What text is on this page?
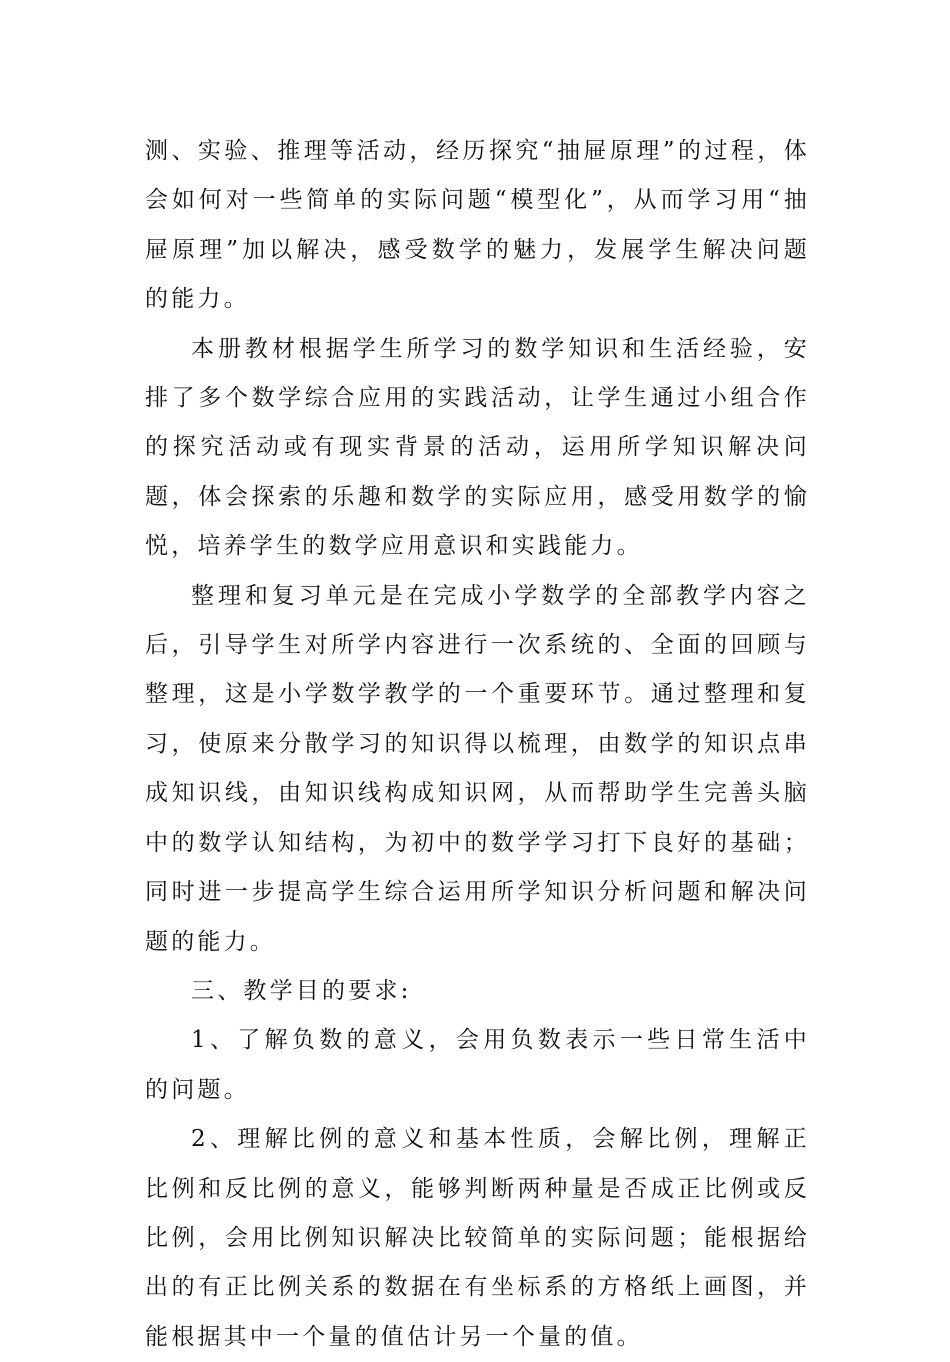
测、实验、推理等活动，经历探究“抽屉原理”的过程，体会如何对一些简单的实际问题“模型化”，从而学习用“抽屉原理”加以解决，感受数学的魅力，发展学生解决问题的能力。

本册教材根据学生所学习的数学知识和生活经验，安排了多个数学综合应用的实践活动，让学生通过小组合作的探究活动或有现实背景的活动，运用所学知识解决问题，体会探索的乐趣和数学的实际应用，感受用数学的愉悦，培养学生的数学应用意识和实践能力。

整理和复习单元是在完成小学数学的全部教学内容之后，引导学生对所学内容进行一次系统的、全面的回顾与整理，这是小学数学教学的一个重要环节。通过整理和复习，使原来分散学习的知识得以梳理，由数学的知识点串成知识线，由知识线构成知识网，从而帮助学生完善头脑中的数学认知结构，为初中的数学学习打下良好的基础；同时进一步提高学生综合运用所学知识分析问题和解决问题的能力。

三、教学目的要求:

1、了解负数的意义，会用负数表示一些日常生活中的问题。

2、理解比例的意义和基本性质，会解比例，理解正比例和反比例的意义，能够判断两种量是否成正比例或反比例，会用比例知识解决比较简单的实际问题；能根据给出的有正比例关系的数据在有坐标系的方格纸上画图，并能根据其中一个量的值估计另一个量的值。
